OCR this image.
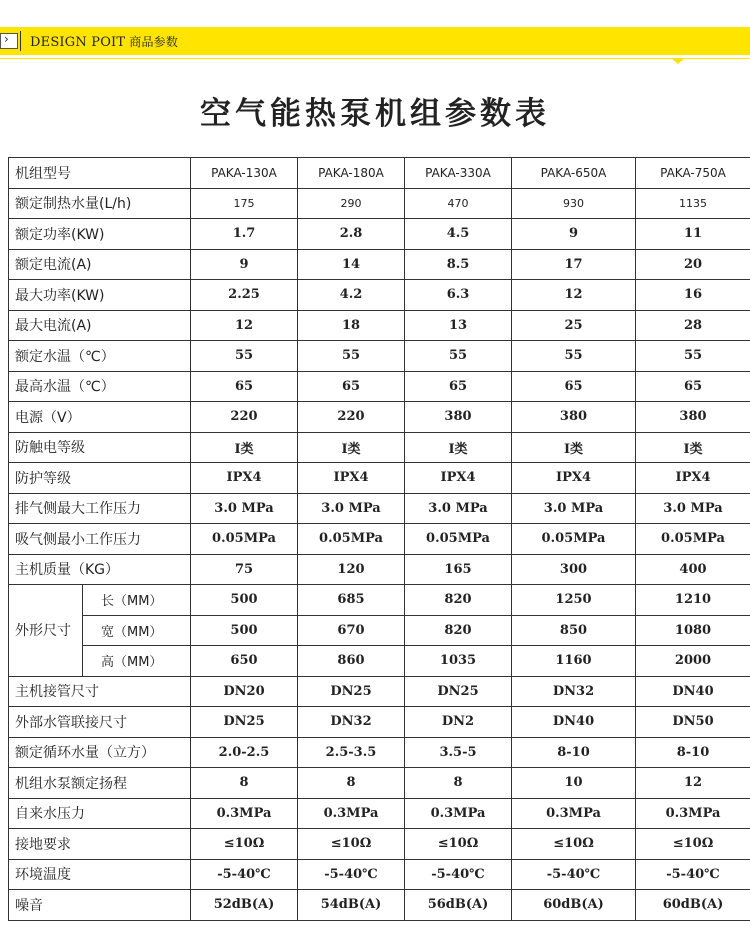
› DESIGN POIT 商品参数
空气能热泵机组参数表
机组型号		PAKA-130A	PAKA-180A	PAKA-330A	PAKA-650A	PAKA-750A
额定制热水量(L/h)		175	290	470	930	1135
额定功率(KW)		1.7	2.8	4.5	9	11
额定电流(A)		9	14	8.5	17	20
最大功率(KW)		2.25	4.2	6.3	12	16
最大电流(A)		12	18	13	25	28
额定水温（℃）		55	55	55	55	55
最高水温（℃）		65	65	65	65	65
电源（V）		220	220	380	380	380
防触电等级		I类	I类	I类	I类	I类
防护等级		IPX4	IPX4	IPX4	IPX4	IPX4
排气侧最大工作压力		3.0 MPa	3.0 MPa	3.0 MPa	3.0 MPa	3.0 MPa
吸气侧最小工作压力		0.05MPa	0.05MPa	0.05MPa	0.05MPa	0.05MPa
主机质量（KG）		75	120	165	300	400
外形尺寸	长（MM）	500	685	820	1250	1210
	宽（MM）	500	670	820	850	1080
	高（MM）	650	860	1035	1160	2000
主机接管尺寸		DN20	DN25	DN25	DN32	DN40
外部水管联接尺寸		DN25	DN32	DN2	DN40	DN50
额定循环水量（立方）		2.0-2.5	2.5-3.5	3.5-5	8-10	8-10
机组水泵额定扬程		8	8	8	10	12
自来水压力		0.3MPa	0.3MPa	0.3MPa	0.3MPa	0.3MPa
接地要求		≤10Ω	≤10Ω	≤10Ω	≤10Ω	≤10Ω
环境温度		-5-40℃	-5-40℃	-5-40℃	-5-40℃	-5-40℃
噪音		52dB(A)	54dB(A)	56dB(A)	60dB(A)	60dB(A)
